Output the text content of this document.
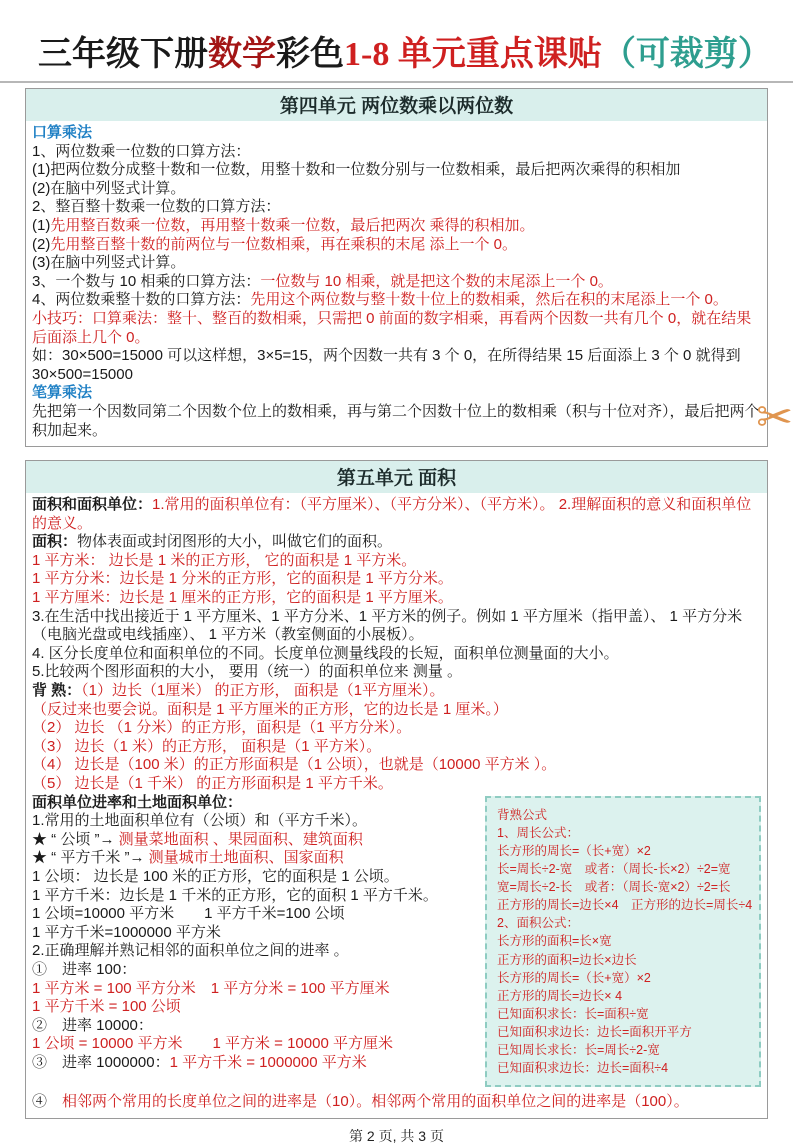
三年级下册数学彩色1-8 单元重点课贴（可裁剪）
第四单元 两位数乘以两位数
口算乘法
1、两位数乘一位数的口算方法：
(1)把两位数分成整十数和一位数，用整十数和一位数分别与一位数相乘，最后把两次乘得的积相加
(2)在脑中列竖式计算。
2、整百整十数乘一位数的口算方法：
(1)先用整百数乘一位数，再用整十数乘一位数，最后把两次 乘得的积相加。
(2)先用整百整十数的前两位与一位数相乘，再在乘积的末尾 添上一个 0。
(3)在脑中列竖式计算。
3、一个数与 10 相乘的口算方法：一位数与 10 相乘，就是把这个数的末尾添上一个 0。
4、两位数乘整十数的口算方法：先用这个两位数与整十数十位上的数相乘，然后在积的末尾添上一个 0。
小技巧：口算乘法：整十、整百的数相乘，只需把 0 前面的数字相乘，再看两个因数一共有几个 0，就在结果后面添上几个 0。
如：30×500=15000 可以这样想，3×5=15，两个因数一共有 3 个 0，在所得结果 15 后面添上 3 个 0 就得到 30×500=15000
笔算乘法
先把第一个因数同第二个因数个位上的数相乘，再与第二个因数十位上的数相乘（积与十位对齐），最后把两个积加起来。
第五单元 面积
面积和面积单位：1.常用的面积单位有：（平方厘米）、（平方分米）、（平方米）。 2.理解面积的意义和面积单位的意义。
面积：物体表面或封闭图形的大小，叫做它们的面积。
1 平方米： 边长是 1 米的正方形， 它的面积是 1 平方米。
1 平方分米：边长是 1 分米的正方形，它的面积是 1 平方分米。
1 平方厘米：边长是 1 厘米的正方形，它的面积是 1 平方厘米。
3.在生活中找出接近于 1 平方厘米、1 平方分米、1 平方米的例子。例如 1 平方厘米（指甲盖）、 1 平方分米（电脑光盘或电线插座）、 1 平方米（教室侧面的小展板）。
4. 区分长度单位和面积单位的不同。长度单位测量线段的长短，面积单位测量面的大小。
5.比较两个图形面积的大小， 要用（统一）的面积单位来 测量 。
背 熟：（1）边长（1厘米） 的正方形， 面积是（1平方厘米）。
（反过来也要会说。面积是 1 平方厘米的正方形，它的边长是 1 厘米。）
（2） 边长 （1 分米）的正方形，面积是（1 平方分米）。
（3） 边长（1 米）的正方形， 面积是（1 平方米）。
（4） 边长是（100 米）的正方形面积是（1 公顷），也就是（10000 平方米 ）。
（5） 边长是（1 千米） 的正方形面积是 1 平方千米。
背熟公式
1、周长公式：
长方形的周长=（长+宽）×2
长=周长÷2-宽　或者：（周长-长×2）÷2=宽
宽=周长÷2-长　或者：（周长-宽×2）÷2=长
正方形的周长=边长×4　正方形的边长=周长÷4
2、面积公式：
长方形的面积=长×宽
正方形的面积=边长×边长
长方形的周长=（长+宽）×2
正方形的周长=边长× 4
已知面积求长：长=面积÷宽
已知面积求边长：边长=面积开平方
已知周长求长：长=周长÷2-宽
已知面积求边长：边长=面积÷4
面积单位进率和土地面积单位：
1.常用的土地面积单位有（公顷）和（平方千米）。
★ “ 公顷 ”→ 测量菜地面积 、果园面积、建筑面积
★ “ 平方千米 ”→ 测量城市土地面积、国家面积
1 公顷： 边长是 100 米的正方形，它的面积是 1 公顷。
1 平方千米：边长是 1 千米的正方形，它的面积 1 平方千米。
1 公顷=10000 平方米　　1 平方千米=100 公顷
1 平方千米=1000000 平方米
2.正确理解并熟记相邻的面积单位之间的进率 。
①　进率 100：
1 平方米 = 100 平方分米　1 平方分米 = 100 平方厘米
1 平方千米 = 100 公顷
②　进率 10000：
1 公顷 = 10000 平方米　　1 平方米 = 10000 平方厘米
③　进率 1000000：1 平方千米 = 1000000 平方米
④　相邻两个常用的长度单位之间的进率是（10）。相邻两个常用的面积单位之间的进率是（100）。
第 2 页, 共 3 页
✂
